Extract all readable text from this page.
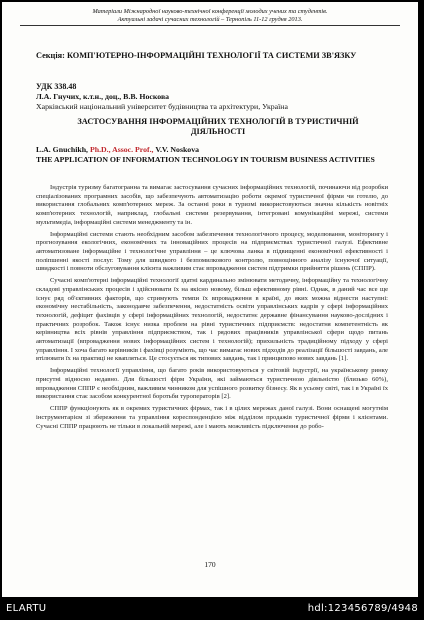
Матеріали Міжнародної науково-технічної конференції молодих учених та студентів.
Актуальні задачі сучасних технологій – Тернопіль 11-12 грудня 2013.
Секція: КОМП'ЮТЕРНО-ІНФОРМАЦІЙНІ ТЕХНОЛОГІЇ ТА СИСТЕМИ ЗВ'ЯЗКУ
УДК 338.48
Л.А. Гнучих, к.т.н., доц., В.В. Носкова
Харківський національний університет будівництва та архітектури, Україна
ЗАСТОСУВАННЯ ІНФОРМАЦІЙНИХ ТЕХНОЛОГІЙ В ТУРИСТИЧНІЙ ДІЯЛЬНОСТІ
L.A. Gnuchikh, Ph.D., Assoc. Prof., V.V. Noskova
THE APPLICATION OF INFORMATION TECHNOLOGY IN TOURISM BUSINESS ACTIVITIES

Індустрія туризму багатогранна та вимагає застосування сучасних інформаційних технологій, починаючи від розробки спеціалізованих програмних засобів, що забезпечують автоматизацію роботи окремої туристичної фірми чи готелю, до використання глобальних комп'ютерних мереж. За останні роки в туризмі використовуються значна кількість новітніх комп'ютерних технологій, наприклад, глобальні системи резервування, інтегровані комунікаційні мережі, системи мультимедіа, інформаційні системи менеджменту та ін.

Інформаційні системи стають необхідним засобом забезпечення технологічного процесу, моделювання, моніторингу і прогнозування екологічних, економічних та інноваційних процесів на підприємствах туристичної галузі. Ефективне автоматизоване інформаційне і технологічне управління – це ключова ланка в підвищенні економічної ефективності і поліпшенні якості послуг. Тому для швидкого і безпомилкового контролю, повноцінного аналізу існуючої ситуації, швидкості і повноти обслуговування клієнта важливим стає впровадження систем підтримки прийняття рішень (СППР).

Сучасні комп'ютерні інформаційні технології здатні кардинально змінювати методичну, інформаційну та технологічну складові управлінських процесів і здійснювати їх на якісно новому, більш ефективному рівні. Однак, в даний час все ще існує ряд об'єктивних факторів, що стримують темпи їх впровадження в країні, до яких можна віднести наступні: економічну нестабільність, законодавче забезпечення, недостатність освіти управлінських кадрів у сфері інформаційних технологій, дефіцит фахівців у сфері інформаційних технологій, недостатнє державне фінансування науково-дослідних і практичних розробок. Також існує низка проблем на рівні туристичних підприємств: недостатня компетентність як керівництва всіх рівнів управління підприємством, так і рядових працівників управлінської сфери щодо питань автоматизації (впровадження нових інформаційних систем і технологій); прихильність традиційному підходу у сфері управління. І хоча багато керівників і фахівці розуміють, що час вимагає нових підходів до реалізації більшості завдань, але втілювати їх на практиці не квапляться. Це стосується як типових завдань, так і принципово нових завдань [1].

Інформаційні технології управління, що багато років використовуються у світовій індустрії, на українському ринку присутні відносно недавно. Для більшості фірм України, які займаються туристичною діяльністю (близько 60%), впровадження СППР є необхідним, важливим чинником для успішного розвитку бізнесу. Як в усьому світі, так і в Україні їх використання стає засобом конкурентної боротьби туроператорів [2].

СППР функціонують як в окремих туристичних фірмах, так і в цілих мережах даної галузі. Вони оснащені могутнім інструментарієм зі збереження та управління кореспонденцією між відділом продажів туристичної фірми і клієнтами. Сучасні СППР працюють не тільки в локальній мережі, але і мають можливість підключення до робо-

170
ELARTU	hdl:123456789/4948
